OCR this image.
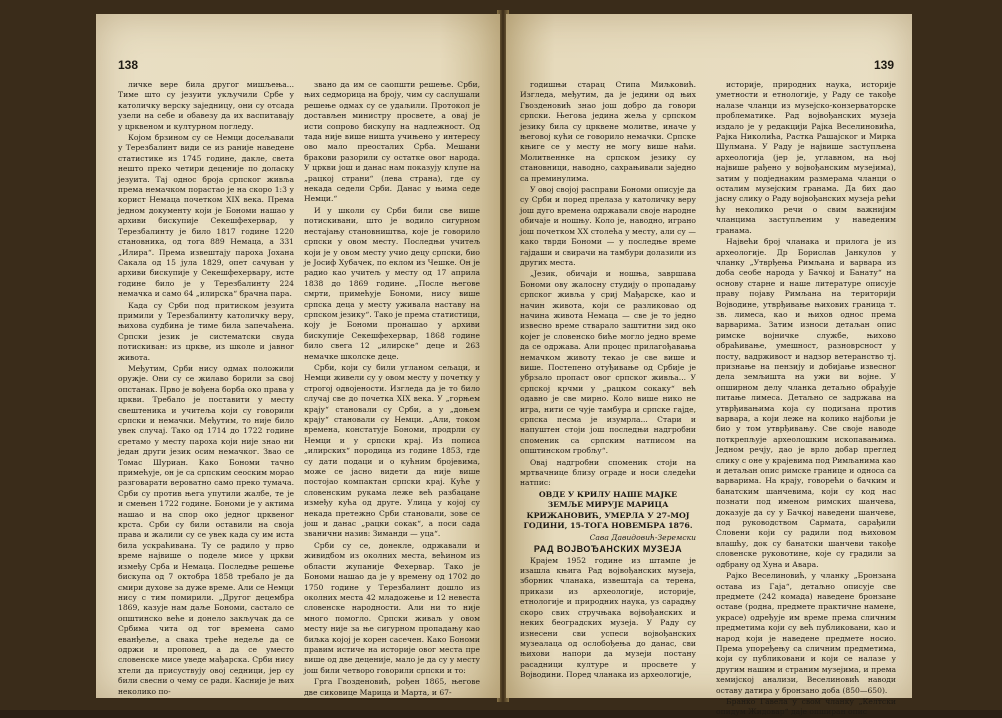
138

личке вере била другог мишљења... Тиме што су језуити укључили Србе у католичку верску заједницу, они су отсада узели на себе и обавезу да их васпитавају у црквеном и културном погледу.

Којом брзином су се Немци досељавали у Терезбалинт види се из раније наведене статистике из 1745 године, дакле, света нешто преко четири деценије по доласку језуита. Тај однос броја српског живља према немачком порастао је на скоро 1:3 у корист Немаца почетком XIX века. Према једном документу који је Бономи нашао у архиви бискупије Секешфехервар, у Терезбалинту је било 1817 године 1220 становника, од тога 889 Немаца, а 331 „Илира“. Према извештају пароха Јохана Сакала од 15 јула 1829, опет сачуван у архиви бискупије у Секешфехервару, исте године било је у Терезбалинту 224 немачка и само 64 „илирска“ брачна пара.

Када су Срби под притиском језуита примили у Терезбалинту католичку веру, њихова судбина је тиме била запечаћена. Српски језик је систематски свуда потискиван: из цркве, из школе и јавног живота.

Међутим, Срби нису одмах положили оружје. Они су се жилаво борили за свој опстанак. Прво је вођена борба око права у цркви. Требало је поставити у месту свештеника и учитеља који су говорили српски и немачки. Међутим, то није било увек случај. Тако од 1714 до 1722 године сретамо у месту пароха који није знао ни један други језик осим немачког. Звао се Томас Шуриан. Како Бономи тачно примећује, он је са српским сеоским морао разговарати вероватно само преко тумача. Срби су против њега упутили жалбе, те је и смењен 1722 године. Бономи је у актима нашао и на спор око једног црквеног крста. Срби су били оставили на своја права и жалили су се увек када су им иста била ускраћивана. Ту се радило у прво време највише о поделе мисе у цркви између Срба и Немаца. Последње решење бискупа од 7 октобра 1858 требало је да смири духове за дуже време. Али се Немци нису с тим помирили. „Другог децембра 1869, казује нам даље Бономи, састало се општинско веће и донело закључак да се Србима чита од тог времена само еванђеље, а свака треће недеље да се одржи и пропoвед, а да се уместо словенске мисе уведе мађарска. Срби нису хтели да присуствују овој седници, јер су били свесни о чему се ради. Касније је њих неколико по-

звано да им се саопшти решење. Срби, њих седморица на броју, чим су саслушали решење одмах су се удаљили. Протокол је достављен министру просвете, а овај је исти сопрово бискупу на надлежност. Од тада није више ништа учињено у интересу ово мало преосталих Срба. Мешани бракови разорили су остатке овог народа. У цркви још и данас нам показују клупе на „рацкој страни“ (лева страна), где су некада седели Срби. Данас у њима седе Немци.“

И у школи су Срби били све више потискивани, што је водило сигурном нестајању становништва, које је говорило српски у овом месту. Последњи учитељ који је у овом месту учио децу српски, био је Јосиф Хубачек, по еклом из Чешке. Он је радио као учитељ у месту од 17 априла 1838 до 1869 године. „После његове смрти, примећује Бономи, нису више српска деца у месту уживала наставу на српском језику“. Тако је према статистици, коју је Бономи пронашао у архиви бискупије Секешфехервар, 1868 године било свега 12 „илирске“ деце и 263 немачке школске деце.

Срби, који су били угланом сељаци, и Немци живели су у овом месту у почетку у строгој одвојености. Изгледа да је то било случај све до почетка XIX века. У „горњем крају“ становали су Срби, а у „доњем крају“ становали су Немци. „Али, током времена, констатује Бономи, продрли су Немци и у српски крај. Из пописа „илирских“ породица из године 1853, где су дати подаци и о кућним бројевима, може се јасно видети да није више постојао компактан српски крај. Куће у словенским рукама леже већ разбацане између кућа од друге. Улица у којој су некада претежно Срби становали, зове се још и данас „рацки сокак“, а поси сада званични назив: Зиманди — уца“.

Срби су се, донекле, одржавали и живидбом из околних места, већином из области жупаније Фехервар. Тако је Бономи нашао да је у времену од 1702 до 1750 године у Терезбалинт дошло из околних места 42 младожење и 12 невеста словенске народности. Али ни то није много помогло. Српски живаљ у овом месту није за ње сигурном пропадању као биљка којој је корен сасечен. Како Бономи правим истиче на историје овог места пре више од две деценије, мало је да су у месту још били четворо говорили српски и то:

Грга Гвозденовић, рођен 1865, његове две сиковице Марица и Марта, и 67-

139

годишњи старац Стипа Миљковић. Изгледа, међутим, да је једини од њих Гвозденовић знао још добро да говори српски. Његова једина жеља у српском језику била су црквене молитве, иначе у његовој кући се говорило немачки. Српске књиге се у месту не могу више наћи. Молитвеннке на српском језику су становници, наводно, сахрањивали заједно са преминулима.

У овој својој расправи Бономи описује да су Срби и поред прелаза у католичку веру још дуго времена одржавали своје народне обичаје и ношњу. Коло је, наводно, играно још почетком XX столећа у месту, али су — како тврди Бономи — у последње време гајдаши и свирачи на тамбури долазили из других места.

„Језик, обичаји и ношња, завршава Бономи ову жалосну студију о пропадању српског живља у сриј Мађарске, као и начин живота, који се разликовао од начина живота Немаца — све је то једно извесно време стварало заштитни зид око којег је словенско биће могло једно време да се одржава. Али процес прилагођавања немачком животу текао је све више и више. Постепено отуђивање од Србије је убрзало пропаст овог српског живља... У српској крчми у „рацком сокаку“ већ одавно је све мирно. Коло више нико не игра, нити се чује тамбура и српске гајде, српска песма је изумрла... Стари и напуштен стоји још последњи надгробни споменик са српским натписом на општинском гробљу“.

Овај надгробни споменик стоји на мртвачнице близу ограде и носи следећи натпис:

ОВДЕ У КРИЛУ НАШЕ МАЈКЕ ЗЕМЉЕ МИРУЈЕ МАРИЦА КРИЖАНОВИЋ, УМЕРЛА У 27-МОЈ ГОДИНИ, 15-ТОГА НОВЕМБРА 1876.

Сава Давидовић-Зеремски

РАД ВОЈВОЂАНСКИХ МУЗЕЈА

Крајем 1952 године из штампе је изашла књига Рад војвођанских музеја, зборник чланака, извештаја са терена, прикази из археологије, историје, етнологије и природних наука, уз сарадњу скоро свих стручњака војвођанских и неких београдских музеја. У Раду су изнесени сви успеси војвођанских музеалаца од ослобођења до данас, сви њихови напори да музеји постану расадници културе и просвете у Војводини. Поред чланака из археологије,

историје, природних наука, историје уметности и етнологије, у Раду се такође налазе чланци из музејско-конзерваторске проблематике. Рад војвођанских музеја издало је у редакцији Рајка Веселиновића, Рајка Николића, Растка Рашајског и Мирка Шулмана. У Раду је највише заступљена археологија (јер је, углавном, на њој највише рађено у војвођанским музејима), затим у подједнаким размерама чланци о осталим музејским гранама. Да бих дао јасну слику о Раду војвођанских музеја рећи ћу неколико речи о свим важнијим чланцима заступљеним у наведеним гранама.

Највећи број чланака и прилога је из археологије. Др Борислав Јанкулов у чланку „Утврђења Римљана и варвара из доба сеобе народа у Бачкој и Банату“ на основу старне и наше литературе описује праву појаву Римљана на територији Војводине, утврђивање њихових граница т. зв. лимеса, као и њихов однос према варварима. Затим износи детаљан опис римске војничке службе, њихово обраћивање, умешност, разноврсност у посту, вадрживост и надзор ветеранство тј. признање на пензију и добијање извесног дела земљишта на ужи ви војне. У опширном делу чланка детаљно обрађује питање лимеса. Детаљно се задржава на утврђивањима која су подизана против варвара, а који леже на колико најбољи је био у том утврђивању. Све своје наводе поткрепљује археолошким ископавањима. Једном речју, дао је врло добар преглед слику с оне у крајевима под Римљанима као и детаљан опис римске границе и односа са варварима. На крају, говорећи о бачким и банатским шанчевима, који су код нас познати под именом римских шанчева, доказује да су у Бачкој наведени шанчеве, под руководством Сармата, сарађили Словени који су радили под њиховом влашћу, док су банатски шанчеви такође словенске руковотине, које су градили за одбрану од Хуна и Авара.

Рајко Веселиновић, у чланку „Бронзана оставa из Гаја“, детаљно описује све предмете (242 комада) наведене бронзане оставе (родна, предмете практичне намене, украсе) одређује им време према сличним предметима који су већ публиковани, као и народ који је наведене предмете носио. Према упоређењу са сличним предметима, који су публиковани и који се налазе у другим нашим и страним музејима, и према хемијској анализи, Веселиновић наводи оставу датира у бронзано доба (850—650).

Бранко Гавела у свом чланку „Келтски опидум Жидовар“ даје опширан опис
